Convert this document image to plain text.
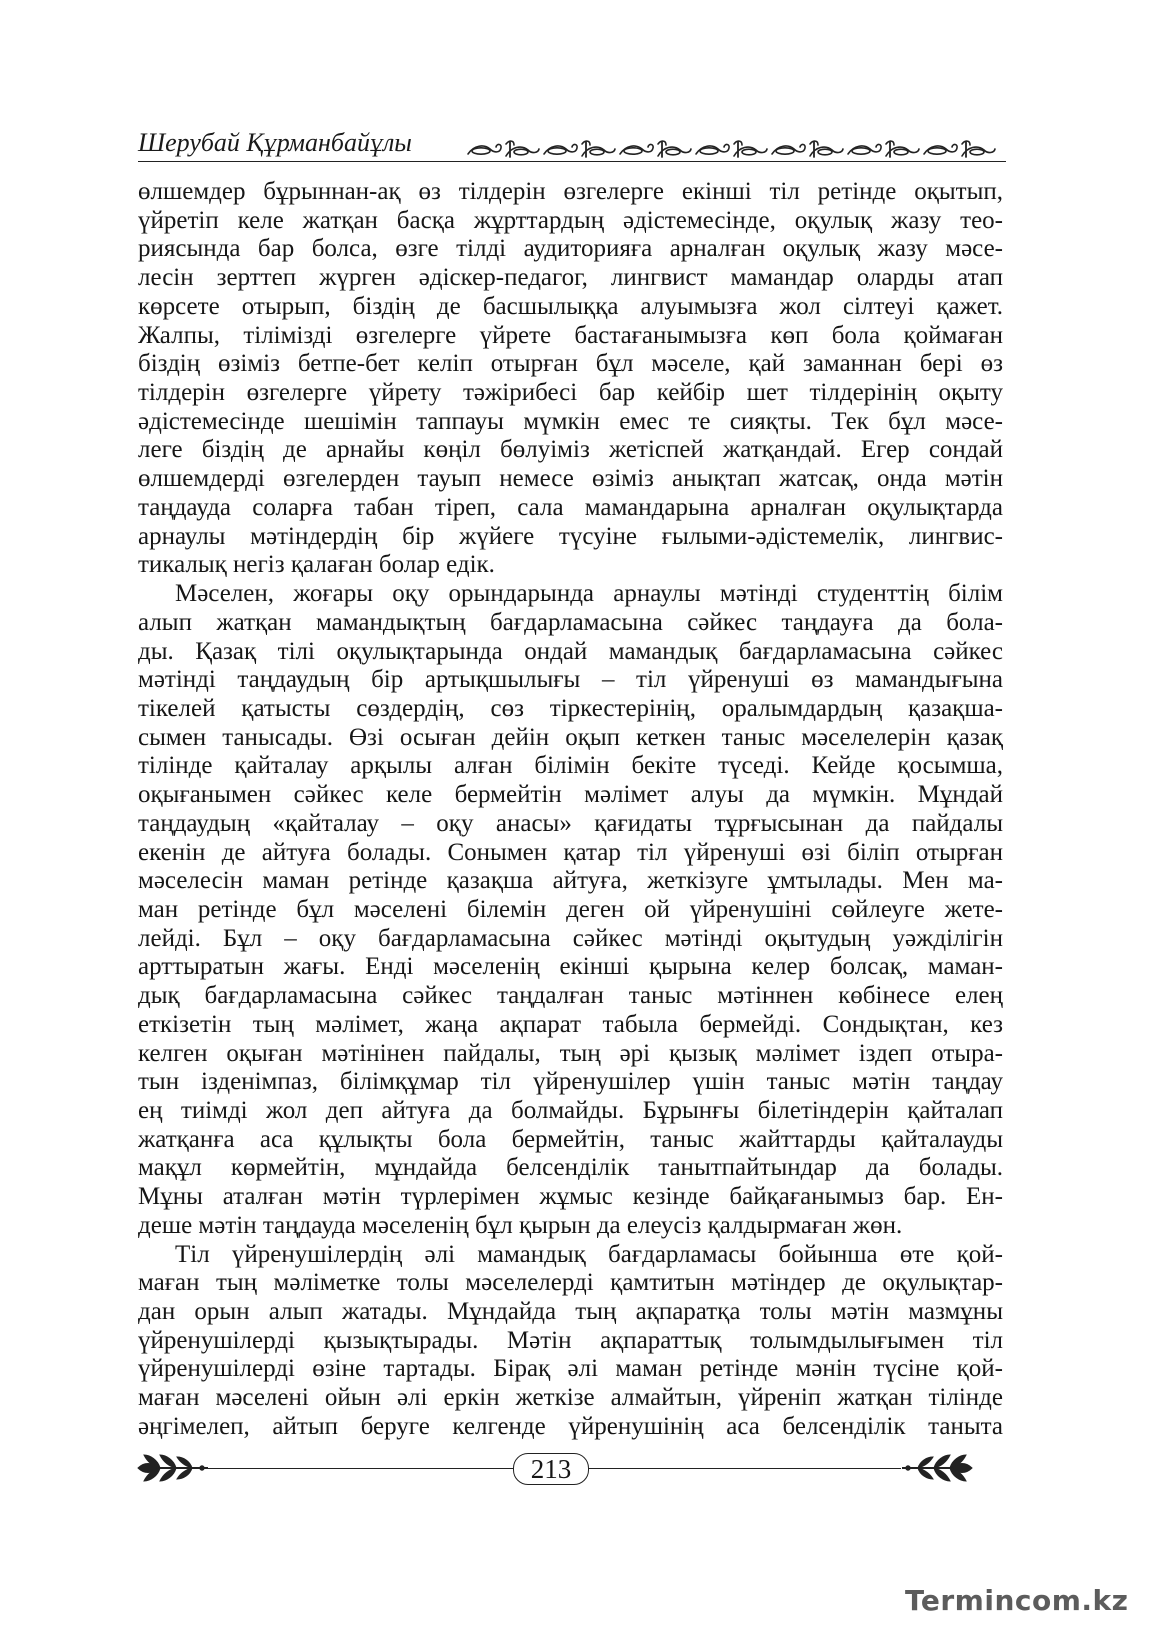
Шерубай Құрманбайұлы
өлшемдер бұрыннан-ақ өз тілдерін өзгелерге екінші тіл ретінде оқытып,
үйретіп келе жатқан басқа жұрттардың әдістемесінде, оқулық жазу тео-
риясында бар болса, өзге тілді аудиторияға арналған оқулық жазу мәсе-
лесін зерттеп жүрген әдіскер-педагог, лингвист мамандар оларды атап
көрсете отырып, біздің де басшылыққа алуымызға жол сілтеуі қажет.
Жалпы, тілімізді өзгелерге үйрете бастағанымызға көп бола қоймаған
біздің өзіміз бетпе-бет келіп отырған бұл мәселе, қай заманнан бері өз
тілдерін өзгелерге үйрету тәжірибесі бар кейбір шет тілдерінің оқыту
әдістемесінде шешімін таппауы мүмкін емес те сияқты. Тек бұл мәсе-
леге біздің де арнайы көңіл бөлуіміз жетіспей жатқандай. Егер сондай
өлшемдерді өзгелерден тауып немесе өзіміз анықтап жатсақ, онда мәтін
таңдауда соларға табан тіреп, сала мамандарына арналған оқулықтарда
арнаулы мәтіндердің бір жүйеге түсуіне ғылыми-әдістемелік, лингвис-
тикалық негіз қалаған болар едік.
Мәселен, жоғары оқу орындарында арнаулы мәтінді студенттің білім
алып жатқан мамандықтың бағдарламасына сәйкес таңдауға да бола-
ды. Қазақ тілі оқулықтарында ондай мамандық бағдарламасына сәйкес
мәтінді таңдаудың бір артықшылығы – тіл үйренуші өз мамандығына
тікелей қатысты сөздердің, сөз тіркестерінің, оралымдардың қазақша-
сымен танысады. Өзі осыған дейін оқып кеткен таныс мәселелерін қазақ
тілінде қайталау арқылы алған білімін бекіте түседі. Кейде қосымша,
оқығанымен сәйкес келе бермейтін мәлімет алуы да мүмкін. Мұндай
таңдаудың «қайталау – оқу анасы» қағидаты тұрғысынан да пайдалы
екенін де айтуға болады. Сонымен қатар тіл үйренуші өзі біліп отырған
мәселесін маман ретінде қазақша айтуға, жеткізуге ұмтылады. Мен ма-
ман ретінде бұл мәселені білемін деген ой үйренушіні сөйлеуге жете-
лейді. Бұл – оқу бағдарламасына сәйкес мәтінді оқытудың уәжділігін
арттыратын жағы. Енді мәселенің екінші қырына келер болсақ, маман-
дық бағдарламасына сәйкес таңдалған таныс мәтіннен көбінесе елең
еткізетін тың мәлімет, жаңа ақпарат табыла бермейді. Сондықтан, кез
келген оқыған мәтінінен пайдалы, тың әрі қызық мәлімет іздеп отыра-
тын ізденімпаз, білімқұмар тіл үйренушілер үшін таныс мәтін таңдау
ең тиімді жол деп айтуға да болмайды. Бұрынғы білетіндерін қайталап
жатқанға аса құлықты бола бермейтін, таныс жайттарды қайталауды
мақұл көрмейтін, мұндайда белсенділік танытпайтындар да болады.
Мұны аталған мәтін түрлерімен жұмыс кезінде байқағанымыз бар. Ен-
деше мәтін таңдауда мәселенің бұл қырын да елеусіз қалдырмаған жөн.
Тіл үйренушілердің әлі мамандық бағдарламасы бойынша өте қой-
маған тың мәліметке толы мәселелерді қамтитын мәтіндер де оқулықтар-
дан орын алып жатады. Мұндайда тың ақпаратқа толы мәтін мазмұны
үйренушілерді қызықтырады. Мәтін ақпараттық толымдылығымен тіл
үйренушілерді өзіне тартады. Бірақ әлі маман ретінде мәнін түсіне қой-
маған мәселені ойын әлі еркін жеткізе алмайтын, үйреніп жатқан тілінде
әңгімелеп, айтып беруге келгенде үйренушінің аса белсенділік таныта
213
Termincom.kz
